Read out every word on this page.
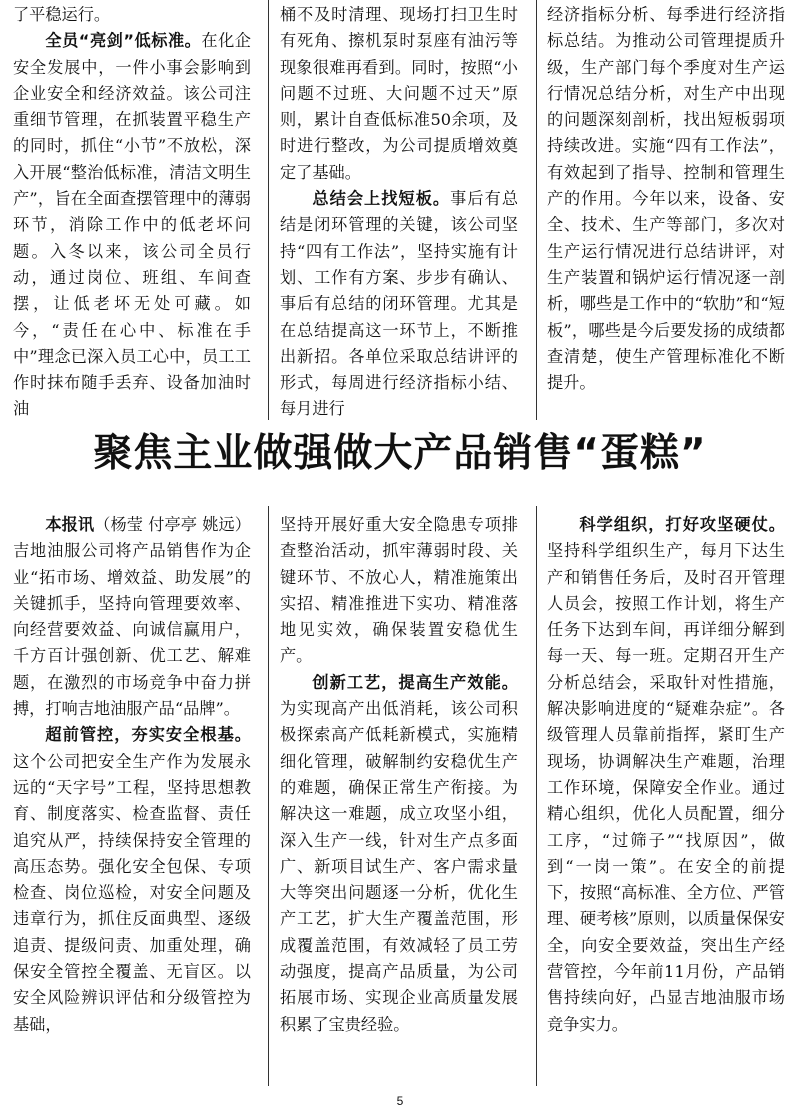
了平稳运行。

全员“亮剑”低标准。在化企安全发展中，一件小事会影响到企业安全和经济效益。该公司注重细节管理，在抓装置平稳生产的同时，抓住“小节”不放松，深入开展“整治低标准，清洁文明生产”，旨在全面查摆管理中的薄弱环节，消除工作中的低老坏问题。入冬以来，该公司全员行动，通过岗位、班组、车间查摆，让低老坏无处可藏。如今，“责任在心中、标准在手中”理念已深入员工心中，员工工作时抹布随手丢弃、设备加油时油

桶不及时清理、现场打扫卫生时有死角、擦机泵时泵座有油污等现象很难再看到。同时，按照“小问题不过班、大问题不过天”原则，累计自查低标准50余项，及时进行整改，为公司提质增效奠定了基础。

总结会上找短板。事后有总结是闭环管理的关键，该公司坚持“四有工作法”，坚持实施有计划、工作有方案、步步有确认、事后有总结的闭环管理。尤其是在总结提高这一环节上，不断推出新招。各单位采取总结讲评的形式，每周进行经济指标小结、每月进行

经济指标分析、每季进行经济指标总结。为推动公司管理提质升级，生产部门每个季度对生产运行情况总结分析，对生产中出现的问题深刻剖析，找出短板弱项持续改进。实施“四有工作法”，有效起到了指导、控制和管理生产的作用。今年以来，设备、安全、技术、生产等部门，多次对生产运行情况进行总结讲评，对生产装置和锅炉运行情况逐一剖析，哪些是工作中的“软肋”和“短板”，哪些是今后要发扬的成绩都查清楚，使生产管理标准化不断提升。

聚焦主业做强做大产品销售“蛋糕”

本报讯（杨莹 付亭亭 姚远）吉地油服公司将产品销售作为企业“拓市场、增效益、助发展”的关键抓手，坚持向管理要效率、向经营要效益、向诚信赢用户，千方百计强创新、优工艺、解难题，在激烈的市场竞争中奋力拼搏，打响吉地油服产品“品牌”。

超前管控，夯实安全根基。这个公司把安全生产作为发展永远的“天字号”工程，坚持思想教育、制度落实、检查监督、责任追究从严，持续保持安全管理的高压态势。强化安全包保、专项检查、岗位巡检，对安全问题及违章行为，抓住反面典型、逐级追责、提级问责、加重处理，确保安全管控全覆盖、无盲区。以安全风险辨识评估和分级管控为基础，

坚持开展好重大安全隐患专项排查整治活动，抓牢薄弱时段、关键环节、不放心人，精准施策出实招、精准推进下实功、精准落地见实效，确保装置安稳优生产。

创新工艺，提高生产效能。为实现高产出低消耗，该公司积极探索高产低耗新模式，实施精细化管理，破解制约安稳优生产的难题，确保正常生产衔接。为解决这一难题，成立攻坚小组，深入生产一线，针对生产点多面广、新项目试生产、客户需求量大等突出问题逐一分析，优化生产工艺，扩大生产覆盖范围，形成覆盖范围，有效减轻了员工劳动强度，提高产品质量，为公司拓展市场、实现企业高质量发展积累了宝贵经验。

科学组织，打好攻坚硬仗。坚持科学组织生产，每月下达生产和销售任务后，及时召开管理人员会，按照工作计划，将生产任务下达到车间，再详细分解到每一天、每一班。定期召开生产分析总结会，采取针对性措施，解决影响进度的“疑难杂症”。各级管理人员靠前指挥，紧盯生产现场，协调解决生产难题，治理工作环境，保障安全作业。通过精心组织，优化人员配置，细分工序，“过筛子”“找原因”，做到“一岗一策”。在安全的前提下，按照“高标准、全方位、严管理、硬考核”原则，以质量保保安全，向安全要效益，突出生产经营管控，今年前11月份，产品销售持续向好，凸显吉地油服市场竞争实力。

5
